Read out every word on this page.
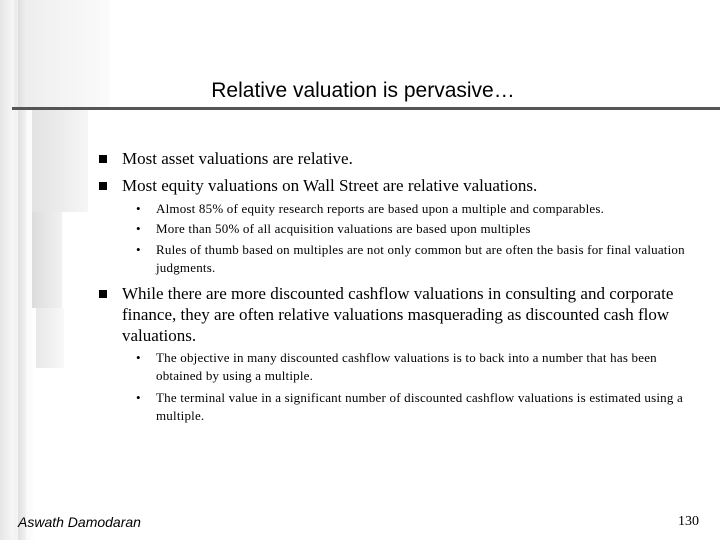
Relative valuation is pervasive…
Most asset valuations are relative.
Most equity valuations on Wall Street are relative valuations.
• Almost 85% of equity research reports are based upon a multiple and comparables.
• More than 50% of all acquisition valuations are based upon multiples
• Rules of thumb based on multiples are not only common but are often the basis for final valuation judgments.
While there are more discounted cashflow valuations in consulting and corporate finance, they are often relative valuations masquerading as discounted cash flow valuations.
• The objective in many discounted cashflow valuations is to back into a number that has been obtained by using a multiple.
• The terminal value in a significant number of discounted cashflow valuations is estimated using a multiple.
Aswath Damodaran	130
